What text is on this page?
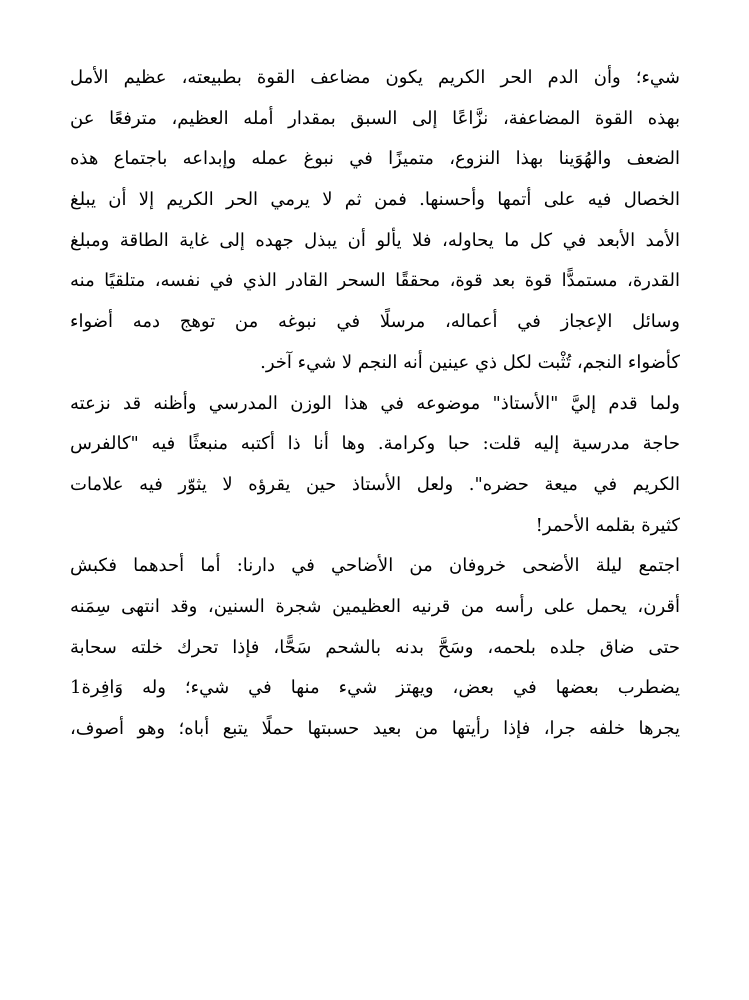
شيء؛ وأن الدم الحر الكريم يكون مضاعف القوة بطبيعته، عظيم الأمل
بهذه القوة المضاعفة، نزَّاعًا إلى السبق بمقدار أمله العظيم، مترفعًا عن
الضعف والهُوَينا بهذا النزوع، متميزًا في نبوغ عمله وإبداعه باجتماع هذه
الخصال فيه على أتمها وأحسنها. فمن ثم لا يرمي الحر الكريم إلا أن يبلغ
الأمد الأبعد في كل ما يحاوله، فلا يألو أن يبذل جهده إلى غاية الطاقة ومبلغ
القدرة، مستمدًّا قوة بعد قوة، محققًا السحر القادر الذي في نفسه، متلقيًا منه
وسائل الإعجاز في أعماله، مرسلًا في نبوغه من توهج دمه أضواء
كأضواء النجم، تُثْبت لكل ذي عينين أنه النجم لا شيء آخر.
ولما قدم إليَّ "الأستاذ" موضوعه في هذا الوزن المدرسي وأظنه قد نزعته
حاجة مدرسية إليه قلت: حبا وكرامة. وها أنا ذا أكتبه منبعثًا فيه "كالفرس
الكريم في ميعة حضره". ولعل الأستاذ حين يقرؤه لا يثوّر فيه علامات
كثيرة بقلمه الأحمر!
اجتمع ليلة الأضحى خروفان من الأضاحي في دارنا: أما أحدهما فكبش
أقرن، يحمل على رأسه من قرنيه العظيمين شجرة السنين، وقد انتهى سِمَنه
حتى ضاق جلده بلحمه، وسَحَّ بدنه بالشحم سَحًّا، فإذا تحرك خلته سحابة
يضطرب بعضها في بعض، ويهتز شيء منها في شيء؛ وله وَافِرة1
يجرها خلفه جرا، فإذا رأيتها من بعيد حسبتها حملًا يتبع أباه؛ وهو أصوف،
